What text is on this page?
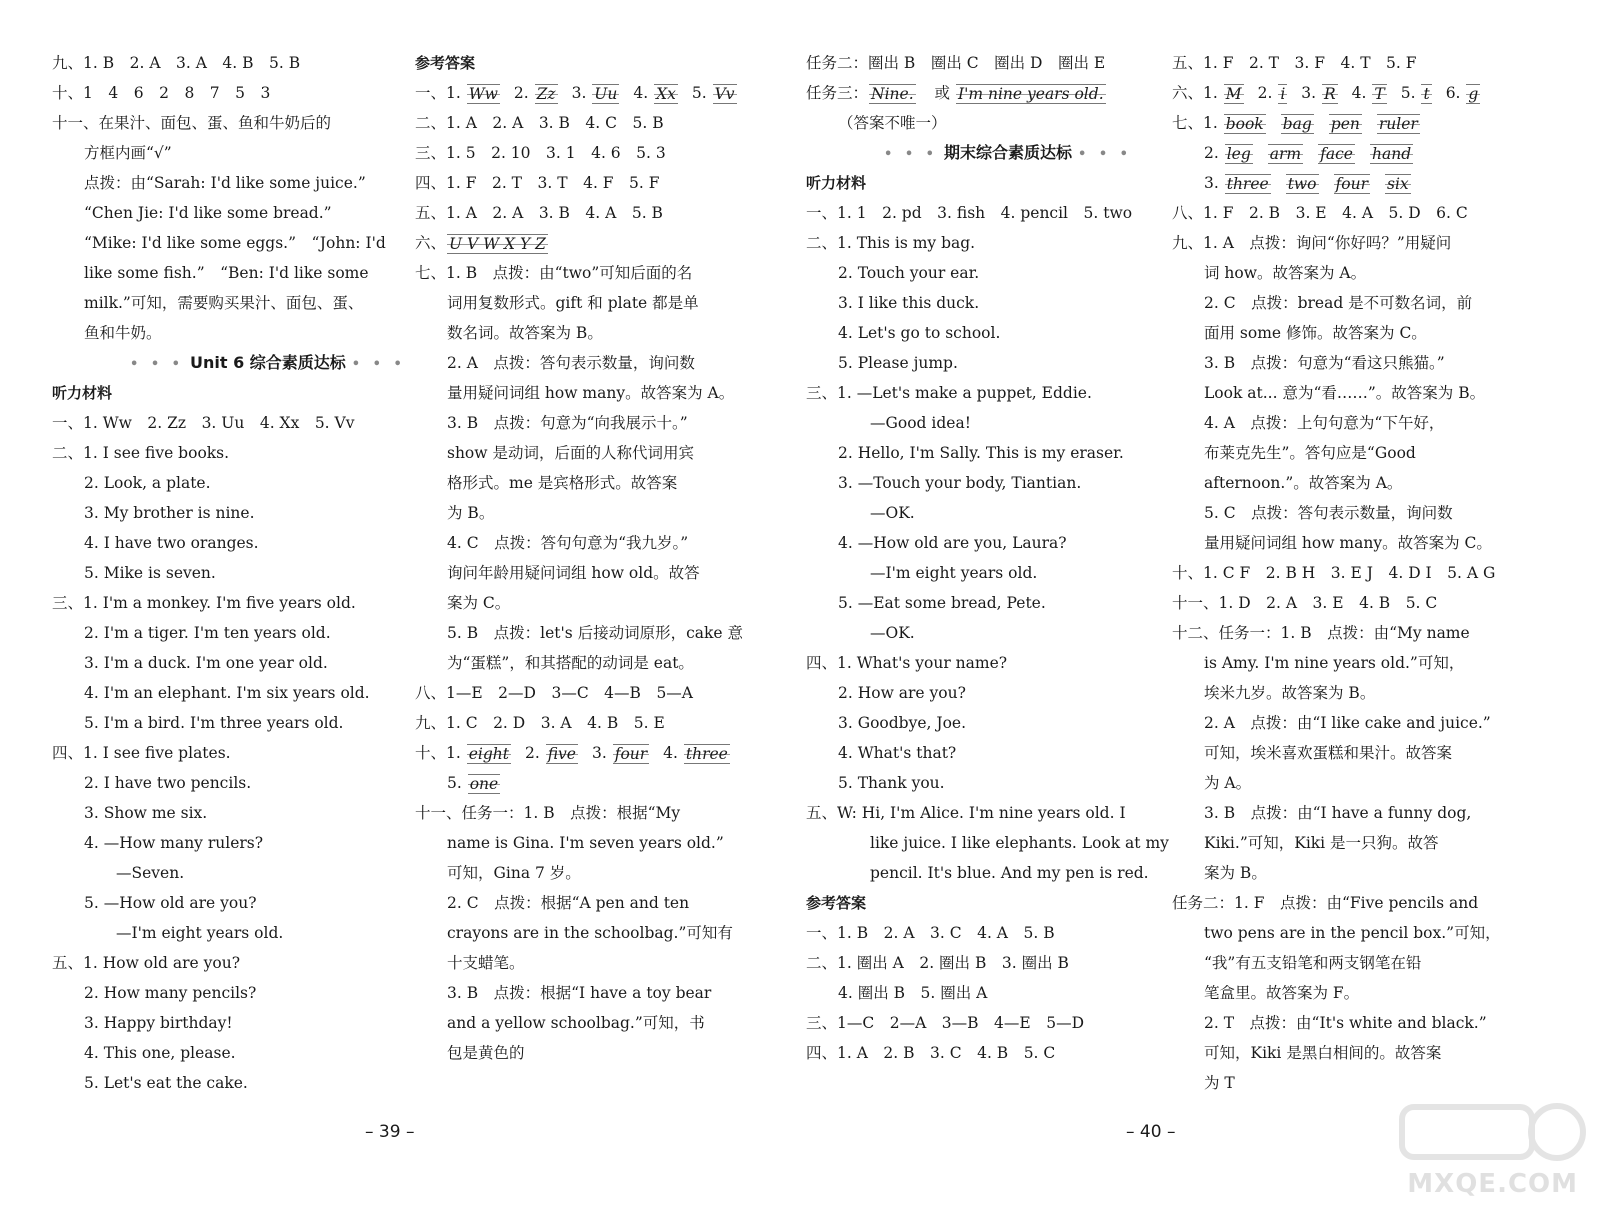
九、1. B　2. A　3. A　4. B　5. B
十、1　4　6　2　8　7　5　3
十一、在果汁、面包、蛋、鱼和牛奶后的
方框内画“√”
点拨：由“Sarah: I'd like some juice.”
“Chen Jie: I'd like some bread.”
“Mike: I'd like some eggs.”　“John: I'd
like some fish.”　“Ben: I'd like some
milk.”可知，需要购买果汁、面包、蛋、
鱼和牛奶。
• • • Unit 6 综合素质达标 • • •
听力材料
一、1. Ww　2. Zz　3. Uu　4. Xx　5. Vv
二、1. I see five books.
2. Look, a plate.
3. My brother is nine.
4. I have two oranges.
5. Mike is seven.
三、1. I'm a monkey. I'm five years old.
2. I'm a tiger. I'm ten years old.
3. I'm a duck. I'm one year old.
4. I'm an elephant. I'm six years old.
5. I'm a bird. I'm three years old.
四、1. I see five plates.
2. I have two pencils.
3. Show me six.
4. —How many rulers?
—Seven.
5. —How old are you?
—I'm eight years old.
五、1. How old are you?
2. How many pencils?
3. Happy birthday!
4. This one, please.
5. Let's eat the cake.
参考答案
一、1. Ww 2. Zz 3. Uu 4. Xx 5. Vv
二、1. A　2. A　3. B　4. C　5. B
三、1. 5　2. 10　3. 1　4. 6　5. 3
四、1. F　2. T　3. T　4. F　5. F
五、1. A　2. A　3. B　4. A　5. B
六、 U V W X Y Z
七、1. B　点拨：由“two”可知后面的名
词用复数形式。gift 和 plate 都是单
数名词。故答案为 B。
2. A　点拨：答句表示数量，询问数
量用疑问词组 how many。故答案为 A。
3. B　点拨：句意为“向我展示十。”
show 是动词，后面的人称代词用宾
格形式。me 是宾格形式。故答案
为 B。
4. C　点拨：答句句意为“我九岁。”
询问年龄用疑问词组 how old。故答
案为 C。
5. B　点拨：let's 后接动词原形，cake 意
为“蛋糕”，和其搭配的动词是 eat。
八、1—E　2—D　3—C　4—B　5—A
九、1. C　2. D　3. A　4. B　5. E
十、1. eight 2. five 3. four 4. three
5. one
十一、任务一：1. B　点拨：根据“My
name is Gina. I'm seven years old.”
可知，Gina 7 岁。
2. C　点拨：根据“A pen and ten
crayons are in the schoolbag.”可知有
十支蜡笔。
3. B　点拨：根据“I have a toy bear
and a yellow schoolbag.”可知，书
包是黄色的
– 39 –
任务二：圈出 B　圈出 C　圈出 D　圈出 E
任务三： Nine. 或 I'm nine years old.
（答案不唯一）
• • • 期末综合素质达标 • • •
听力材料
一、1. 1　2. pd　3. fish　4. pencil　5. two
二、1. This is my bag.
2. Touch your ear.
3. I like this duck.
4. Let's go to school.
5. Please jump.
三、1. —Let's make a puppet, Eddie.
—Good idea!
2. Hello, I'm Sally. This is my eraser.
3. —Touch your body, Tiantian.
—OK.
4. —How old are you, Laura?
—I'm eight years old.
5. —Eat some bread, Pete.
—OK.
四、1. What's your name?
2. How are you?
3. Goodbye, Joe.
4. What's that?
5. Thank you.
五、W: Hi, I'm Alice. I'm nine years old. I
like juice. I like elephants. Look at my
pencil. It's blue. And my pen is red.
参考答案
一、1. B　2. A　3. C　4. A　5. B
二、1. 圈出 A　2. 圈出 B　3. 圈出 B
4. 圈出 B　5. 圈出 A
三、1—C　2—A　3—B　4—E　5—D
四、1. A　2. B　3. C　4. B　5. C
五、1. F　2. T　3. F　4. T　5. F
六、1. M 2. i 3. R 4. T 5. t 6. g
七、1. book bag pen ruler
2. leg arm face hand
3. three two four six
八、1. F　2. B　3. E　4. A　5. D　6. C
九、1. A　点拨：询问“你好吗？”用疑问
词 how。故答案为 A。
2. C　点拨：bread 是不可数名词，前
面用 some 修饰。故答案为 C。
3. B　点拨：句意为“看这只熊猫。”
Look at... 意为“看……”。故答案为 B。
4. A　点拨：上句句意为“下午好，
布莱克先生”。答句应是“Good
afternoon.”。故答案为 A。
5. C　点拨：答句表示数量，询问数
量用疑问词组 how many。故答案为 C。
十、1. C F　2. B H　3. E J　4. D I　5. A G
十一、1. D　2. A　3. E　4. B　5. C
十二、任务一：1. B　点拨：由“My name
is Amy. I'm nine years old.”可知，
埃米九岁。故答案为 B。
2. A　点拨：由“I like cake and juice.”
可知，埃米喜欢蛋糕和果汁。故答案
为 A。
3. B　点拨：由“I have a funny dog,
Kiki.”可知，Kiki 是一只狗。故答
案为 B。
任务二：1. F　点拨：由“Five pencils and
two pens are in the pencil box.”可知，
“我”有五支铅笔和两支钢笔在铅
笔盒里。故答案为 F。
2. T　点拨：由“It's white and black.”
可知，Kiki 是黑白相间的。故答案
为 T
– 40 –
MXQE.COM
